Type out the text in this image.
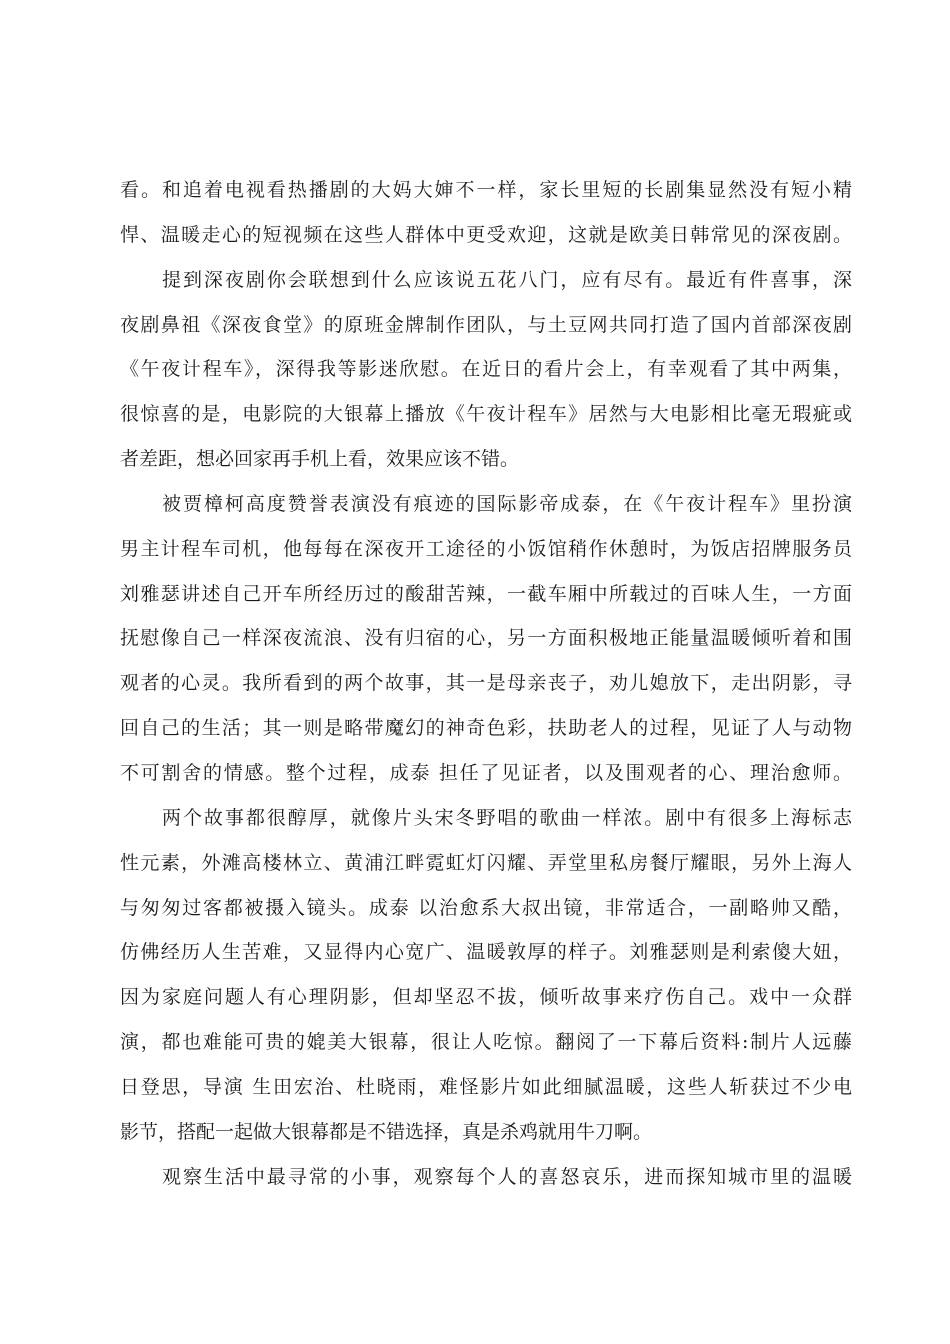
看。和追着电视看热播剧的大妈大婶不一样，家长里短的长剧集显然没有短小精
悍、温暖走心的短视频在这些人群体中更受欢迎，这就是欧美日韩常见的深夜剧。
提到深夜剧你会联想到什么应该说五花八门，应有尽有。最近有件喜事，深
夜剧鼻祖《深夜食堂》的原班金牌制作团队，与土豆网共同打造了国内首部深夜剧
《午夜计程车》，深得我等影迷欣慰。在近日的看片会上，有幸观看了其中两集，
很惊喜的是，电影院的大银幕上播放《午夜计程车》居然与大电影相比毫无瑕疵或
者差距，想必回家再手机上看，效果应该不错。
被贾樟柯高度赞誉表演没有痕迹的国际影帝成泰，在《午夜计程车》里扮演
男主计程车司机，他每每在深夜开工途径的小饭馆稍作休憩时，为饭店招牌服务员
刘雅瑟讲述自己开车所经历过的酸甜苦辣，一截车厢中所载过的百味人生，一方面
抚慰像自己一样深夜流浪、没有归宿的心，另一方面积极地正能量温暖倾听着和围
观者的心灵。我所看到的两个故事，其一是母亲丧子，劝儿媳放下，走出阴影，寻
回自己的生活；其一则是略带魔幻的神奇色彩，扶助老人的过程，见证了人与动物
不可割舍的情感。整个过程，成泰 担任了见证者，以及围观者的心、理治愈师。
两个故事都很醇厚，就像片头宋冬野唱的歌曲一样浓。剧中有很多上海标志
性元素，外滩高楼林立、黄浦江畔霓虹灯闪耀、弄堂里私房餐厅耀眼，另外上海人
与匆匆过客都被摄入镜头。成泰 以治愈系大叔出镜，非常适合，一副略帅又酷，
仿佛经历人生苦难，又显得内心宽广、温暖敦厚的样子。刘雅瑟则是利索傻大妞，
因为家庭问题人有心理阴影，但却坚忍不拔，倾听故事来疗伤自己。戏中一众群
演，都也难能可贵的媲美大银幕，很让人吃惊。翻阅了一下幕后资料:制片人远藤
日登思，导演 生田宏治、杜晓雨，难怪影片如此细腻温暖，这些人斩获过不少电
影节，搭配一起做大银幕都是不错选择，真是杀鸡就用牛刀啊。
观察生活中最寻常的小事，观察每个人的喜怒哀乐，进而探知城市里的温暖
